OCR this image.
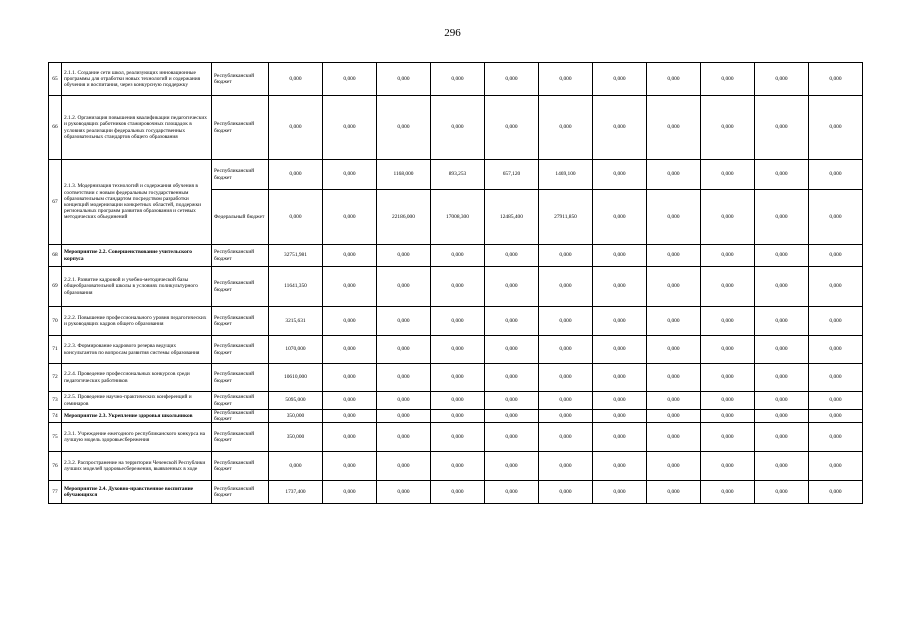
296
65	2.1.1. Создание сети школ, реализующих инновационные программы для отработки новых технологий и содержания обучения и воспитания, через конкурсную поддержку	Республиканский бюджет	0,000	0,000	0,000	0,000	0,000	0,000	0,000	0,000	0,000	0,000	0,000
66	2.1.2. Организация повышения квалификации педагогических и руководящих работников стажировочных площадок в условиях реализации федеральных государственных образовательных стандартов общего образования	Республиканский бюджет	0,000	0,000	0,000	0,000	0,000	0,000	0,000	0,000	0,000	0,000	0,000
67	2.1.3. Модернизация технологий и содержания обучения в соответствии с новым федеральным государственным образовательным стандартом посредством разработки концепций модернизации конкретных областей, поддержки региональных программ развития образования и сетевых методических объединений	Республиканский бюджет	0,000	0,000	1168,000	893,253	657,120	1469,100	0,000	0,000	0,000	0,000	0,000
		Федеральный бюджет	0,000	0,000	22186,000	17008,300	12485,400	27911,850	0,000	0,000	0,000	0,000	0,000
68	Мероприятие 2.2. Совершенствование учительского корпуса	Республиканский бюджет	32751,981	0,000	0,000	0,000	0,000	0,000	0,000	0,000	0,000	0,000	0,000
69	2.2.1. Развитие кадровой и учебно-методической базы общеобразовательной школы в условиях поликультурного образования	Республиканский бюджет	11641,350	0,000	0,000	0,000	0,000	0,000	0,000	0,000	0,000	0,000	0,000
70	2.2.2. Повышение профессионального уровня педагогических и руководящих кадров общего образования	Республиканский бюджет	3215,631	0,000	0,000	0,000	0,000	0,000	0,000	0,000	0,000	0,000	0,000
71	2.2.3. Формирование кадрового резерва ведущих консультантов по вопросам развития системы образования	Республиканский бюджет	1070,000	0,000	0,000	0,000	0,000	0,000	0,000	0,000	0,000	0,000	0,000
72	2.2.4. Проведение профессиональных конкурсов среди педагогических работников	Республиканский бюджет	10610,000	0,000	0,000	0,000	0,000	0,000	0,000	0,000	0,000	0,000	0,000
73	2.2.5. Проведение научно-практических конференций и семинаров	Республиканский бюджет	5095,000	0,000	0,000	0,000	0,000	0,000	0,000	0,000	0,000	0,000	0,000
74	Мероприятие 2.3. Укрепление здоровья школьников	Республиканский бюджет	350,000	0,000	0,000	0,000	0,000	0,000	0,000	0,000	0,000	0,000	0,000
75	2.3.1. Учреждение ежегодного республиканского конкурса на лучшую модель здоровьесбережения	Республиканский бюджет	350,000	0,000	0,000	0,000	0,000	0,000	0,000	0,000	0,000	0,000	0,000
76	2.3.2. Распространение на территории Чеченской Республики лучших моделей здоровьесбережения, выявленных в ходе	Республиканский бюджет	0,000	0,000	0,000	0,000	0,000	0,000	0,000	0,000	0,000	0,000	0,000
77	Мероприятие 2.4. Духовно-нравственное воспитание обучающихся	Республиканский бюджет	1737,400	0,000	0,000	0,000	0,000	0,000	0,000	0,000	0,000	0,000	0,000
